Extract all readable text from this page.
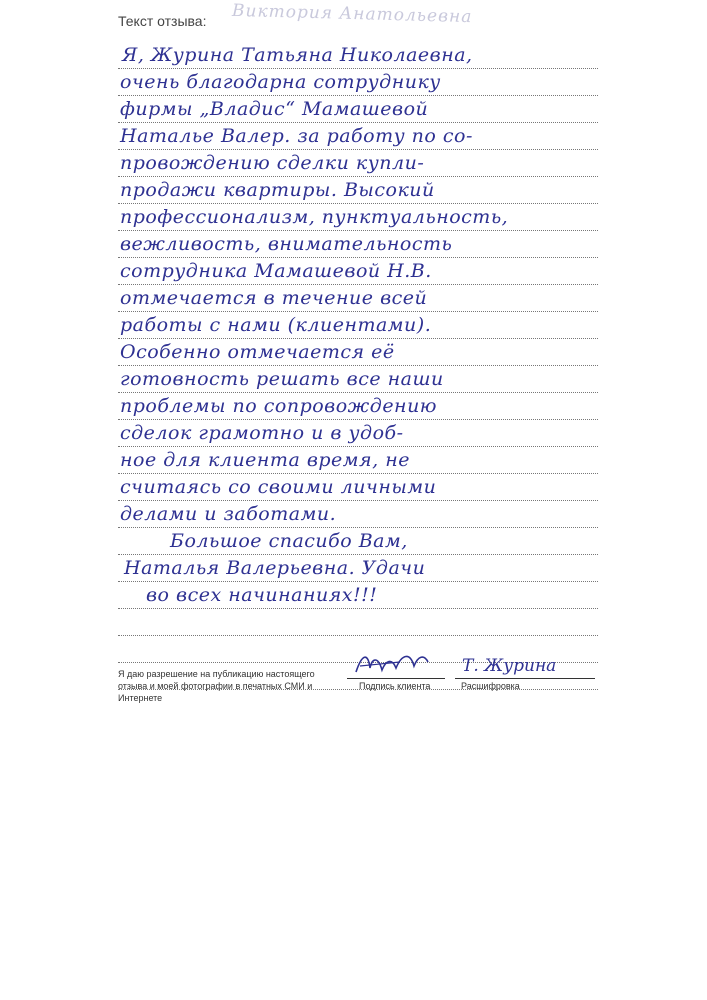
Текст отзыва: Виктория Анатольевна
Я, Журина Татьяна Николаевна,
очень благодарна сотруднику
фирмы „Владис“ Мамашевой
Наталье Валер. за работу по со-
провождению сделки купли-
продажи квартиры. Высокий
профессионализм, пунктуальность,
вежливость, внимательность
сотрудника Мамашевой Н.В.
отмечается в течение всей
работы с нами (клиентами).
Особенно отмечается её
готовность решать все наши
проблемы по сопровождению
сделок грамотно и в удоб-
ное для клиента время, не
считаясь со своими личными
делами и заботами.
Большое спасибо Вам,
Наталья Валерьевна. Удачи
во всех начинаниях!!!
Я даю разрешение на публикацию настоящего отзыва и моей фотографии в печатных СМИ и Интернете
Подпись клиента
Т. Журина
Расшифровка
